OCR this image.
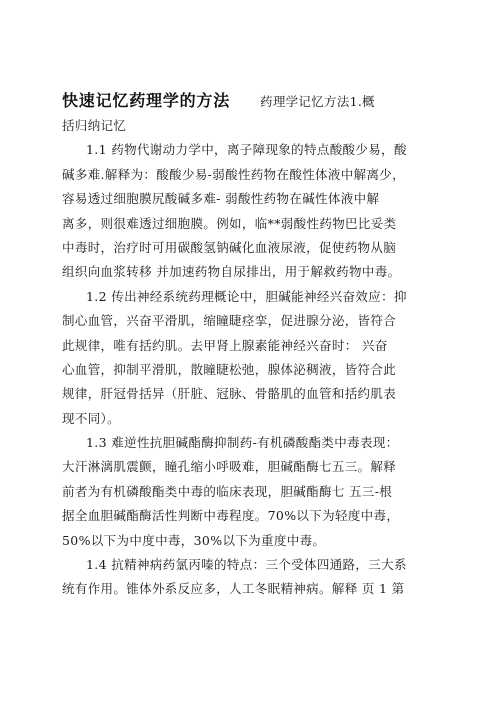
快速记忆药理学的方法 药理学记忆方法1.概
括归纳记忆
1.1 药物代谢动力学中，离子障现象的特点酸酸少易，酸
碱多难.解释为：酸酸少易-弱酸性药物在酸性体液中解离少，
容易透过细胞膜尻酸碱多难- 弱酸性药物在碱性体液中解
离多，则很难透过细胞膜。例如，临**弱酸性药物巴比妥类
中毒时，治疗时可用碳酸氢钠碱化血液尿液，促使药物从脑
组织向血浆转移 并加速药物自尿排出，用于解救药物中毒。
1.2 传出神经系统药理概论中，胆碱能神经兴奋效应：抑
制心血管，兴奋平滑肌，缩瞳睫痉挛，促进腺分泌，皆符合
此规律，唯有括约肌。去甲肾上腺素能神经兴奋时： 兴奋
心血管，抑制平滑肌，散瞳睫松弛，腺体泌稠液，皆符合此
规律，肝冠骨括异（肝脏、冠脉、骨骼肌的血管和括约肌表
现不同）。
1.3 难逆性抗胆碱酯酶抑制药-有机磷酸酯类中毒表现：
大汗淋漓肌震颤，瞳孔缩小呼吸难，胆碱酯酶七五三。解释
前者为有机磷酸酯类中毒的临床表现，胆碱酯酶七 五三-根
据全血胆碱酯酶活性判断中毒程度。70%以下为轻度中毒，
50%以下为中度中毒，30%以下为重度中毒。
1.4 抗精神病药氯丙嗪的特点：三个受体四通路，三大系
统有作用。锥体外系反应多，人工冬眠精神病。解释 页 1 第
